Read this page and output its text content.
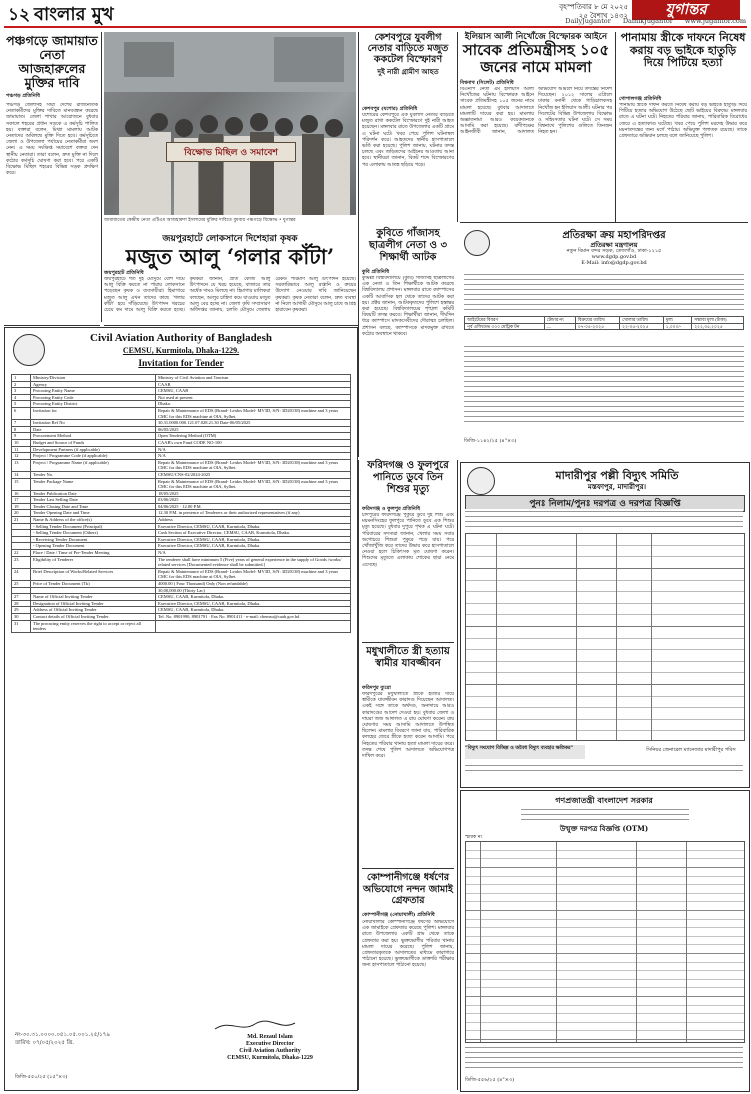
১২ বাংলার মুখ	বৃহস্পতিবার ৮ মে ২০২৫
২৫ বৈশাখ ১৪৩২	যুগান্তর
DailyJugantor DainikJugantor www.jugantor.com
পঞ্চগড়ে জামায়াত নেতা আজহারুলের মুক্তির দাবি
পঞ্চগড় প্রতিনিধি
পঞ্চগড় জেলাসহ সারা দেশের রাজনৈতিক নেতাকর্মীদের মুক্তির দাবিতে মানববন্ধন করেছে জামায়াত। জেলা শাখার আয়োজনে বুধবার সকালে শহরের প্রধান সড়কে এ কর্মসূচি পালিত হয়। বক্তারা বলেন, মিথ্যা মামলায় আটক নেতাদের অবিলম্বে মুক্তি দিতে হবে। কর্মসূচিতে জেলা ও উপজেলা পর্যায়ের নেতাকর্মীরা অংশ নেন। এ সময় সংক্ষিপ্ত সমাবেশে বক্তব্য দেন স্থানীয় নেতারা। তারা বলেন, দ্রুত মুক্তি না দিলে কঠোর কর্মসূচি ঘোষণা করা হবে। পরে একটি বিক্ষোভ মিছিল শহরের বিভিন্ন সড়ক প্রদক্ষিণ করে।
বিক্ষোভ মিছিল ও সমাবেশ
জামায়াতের কেন্দ্রীয় নেতা এটিএম আজহারুল ইসলামের মুক্তির দাবিতে বুধবার পঞ্চগড়ে বিক্ষোভ • যুগান্তর
জয়পুরহাটে লোকসানে দিশেহারা কৃষক
মজুত আলু ‘গলার কাঁটা’
জয়পুরহাট প্রতিনিধি
জয়পুরহাটে গত দুই মৌসুমে বেশি দামে আলু বিক্রি করতে না পারায় লোকসানে পড়েছেন কৃষক ও ব্যবসায়ীরা। হিমাগারে মজুত আলু এখন তাদের কাছে ‘গলার কাঁটা’ হয়ে দাঁড়িয়েছে। উৎপাদন খরচের চেয়ে কম দামে আলু বিক্রি করতে হচ্ছে। কৃষকরা জানান, প্রতি কেজি আলু উৎপাদনে যে খরচ হয়েছে, বাজারে তার অর্ধেক দামও মিলছে না। হিমাগার মালিকরা বলছেন, আলুর চাহিদা কমে যাওয়ায় মজুত আলু বের হচ্ছে না। জেলা কৃষি সম্প্রসারণ অধিদপ্তর জানায়, চলতি মৌসুমে জেলায় রেকর্ড পরিমাণ আলু উৎপাদন হয়েছে। সরকারিভাবে আলু রপ্তানি ও ক্রয়ের উদ্যোগ নেওয়ার দাবি জানিয়েছেন কৃষকরা। কৃষক নেতারা বলেন, দ্রুত ব্যবস্থা না নিলে আগামী মৌসুমে আলু চাষে আগ্রহ হারাবেন কৃষকরা।
কেশবপুরে যুবলীগ নেতার বাড়িতে মজুত ককটেল বিস্ফোরণ
দুই নারী গ্রামীণ আহত
কেশবপুর (যশোর) প্রতিনিধি
যশোরের কেশবপুরে এক যুবলীগ নেতার বাড়িতে মজুত রাখা ককটেল বিস্ফোরণে দুই নারী আহত হয়েছেন। মঙ্গলবার রাতে উপজেলার একটি গ্রামে এ ঘটনা ঘটে। খবর পেয়ে পুলিশ ঘটনাস্থল পরিদর্শন করে। আহতদের স্থানীয় হাসপাতালে ভর্তি করা হয়েছে। পুলিশ জানায়, ঘটনার তদন্ত চলছে এবং জড়িতদের আইনের আওতায় আনা হবে। স্থানীয়রা জানান, বিকট শব্দে বিস্ফোরণের পর এলাকায় আতঙ্ক ছড়িয়ে পড়ে।
ইলিয়াস আলী নিখোঁজে বিস্ফোরক আইনে
সাবেক প্রতিমন্ত্রীসহ ১০৫ জনের নামে মামলা
বিশ্বনাথ (সিলেট) প্রতিনিধি
বিএনপি নেতা এম ইলিয়াস আলী নিখোঁজের ঘটনায় বিস্ফোরক আইনে সাবেক প্রতিমন্ত্রীসহ ১০৫ জনের নামে মামলা হয়েছে। বুধবার আদালতে মামলাটি দায়ের করা হয়। মামলায় অজ্ঞাতনামা আরও কয়েকজনকে আসামি করা হয়েছে। বাদীপক্ষের আইনজীবী জানান, আদালত অভিযোগ আমলে নিয়ে তদন্তের নির্দেশ দিয়েছেন। ২০১২ সালের এপ্রিলে ঢাকার বনানী থেকে গাড়িচালকসহ নিখোঁজ হন ইলিয়াস আলী। ঘটনার পর সিলেটের বিভিন্ন উপজেলায় বিক্ষোভ ও সহিংসতার ঘটনা ঘটে। সে সময় বিশ্বনাথে পুলিশের গুলিতে তিনজন নিহত হন।
পানামায় স্ত্রীকে দাফনে নিষেধ করায় বড় ভাইকে হাতুড়ি দিয়ে পিটিয়ে হত্যা
গোপালগঞ্জ প্রতিনিধি
পানামায় স্ত্রীকে দাফন করতে নিষেধ করায় বড় ভাইকে হাতুড়ি দিয়ে পিটিয়ে হত্যার অভিযোগ উঠেছে ছোট ভাইয়ের বিরুদ্ধে। মঙ্গলবার রাতে এ ঘটনা ঘটে। নিহতের পরিবার জানায়, পারিবারিক বিরোধের জেরে এ হত্যাকাণ্ড ঘটেছে। খবর পেয়ে পুলিশ মরদেহ উদ্ধার করে ময়নাতদন্তের জন্য মর্গে পাঠায়। অভিযুক্ত পলাতক রয়েছে। তাকে গ্রেফতারে অভিযান চলছে বলে জানিয়েছে পুলিশ।
কুবিতে গাঁজাসহ ছাত্রলীগ নেতা ও ৩ শিক্ষার্থী আটক
কুবি প্রতিনিধি
কুমিল্লা বিশ্ববিদ্যালয়ে (কুবি) গাঁজাসহ ছাত্রলীগের এক নেতা ও তিন শিক্ষার্থীকে আটক করেছে বিশ্ববিদ্যালয় প্রশাসন। মঙ্গলবার রাতে ক্যাম্পাসের একটি আবাসিক হল থেকে তাদের আটক করা হয়। প্রক্টর জানান, আটককৃতদের পুলিশে হস্তান্তর করা হয়েছে। বিশ্ববিদ্যালয়ের শৃঙ্খলা কমিটি বিষয়টি তদন্ত করবে। শিক্ষার্থীরা জানান, দীর্ঘদিন ধরে ক্যাম্পাসে মাদকসেবীদের দৌরাত্ম্য চলছিল। প্রশাসন বলছে, ক্যাম্পাসকে মাদকমুক্ত রাখতে কঠোর অবস্থানে থাকবে।
প্রতিরক্ষা ক্রয় মহাপরিদপ্তর
প্রতিরক্ষা মন্ত্রণালয়
নতুন বিমান বন্দর সড়ক, তেজগাঁও, ঢাকা-১২১৫
www.dgdp.gov.bd
E-Mail: info@dgdp.gov.bd
আইটেমের বিবরণ	টেন্ডার নং	বিক্রয়ের তারিখ	খোলার তারিখ	মূল্য	সম্ভাব্য মূল্য (টাকা)
পূর্ব এফিডেভ ৩০০ মেট্রিক টন	—	০৭-০৫-২০২৫	২২-০৫-২০২৫	১,০০০/-	২২২,৩৫,২০২৫
ডিজি-১১৪২/২৫ (৪"×৩)
Civil Aviation Authority of Bangladesh
CEMSU, Kurmitola, Dhaka-1229.
Invitation for Tender
1	Ministry/Division	Ministry of Civil Aviation and Tourism
2	Agency	CAAB
3	Procuring Entity Name	CEMSU, CAAB
4	Procuring Entity Code	Not used at present
5	Procuring Entity District	Dhaka.
6	Invitation for	Repair & Maintenance of EDS (Brand- Leidos Model- MV3D, S/N: 3D20138) machine and 3 years CMC for this EDS machine at OIA, Sylhet.
7	Invitation Ref No	30.31.0000.000.121.07.028.21.30 Date-06/05/2025
8	Date	06/05/2025
9	Procurement Method	Open Tendering Method (OTM)
10	Budget and Source of Funds	CAAB's own Fund CODE NO-100
11	Development Partners (if applicable)	N/A
12	Project / Programme Code (if applicable)	N/A
13	Project / Programme Name (if applicable)	Repair & Maintenance of EDS (Brand- Leidos Model- MV3D, S/N: 3D20138) machine and 3 years CMC for this EDS machine at OIA, Sylhet.
14	Tender No.	CEMSU/CNS-02/2024-2025
15	Tender Package Name	Repair & Maintenance of EDS (Brand- Leidos Model- MV3D, S/N: 3D20138) machine and 3 years CMC for this EDS machine at OIA, Sylhet.
16	Tender Publication Date	18/05/2025
17	Tender Last Selling Date	03/06/2025
19	Tender Closing Date and Time	04/06/2025 · 12.00 P.M.
20	Tender Opening Date and Time	12.30 P.M. in presence of Tenderers or their authorized representatives (if any)
21	Name & Address of the office(s)	Address
	- Selling Tender Document (Principal)	Executive Director, CEMSU, CAAB, Kurmitola, Dhaka.
	- Selling Tender Document (Others)	Cash Section of Executive Director, CEMSU, CAAB, Kurmitola, Dhaka.
	- Receiving Tender Document	Executive Director, CEMSU, CAAB, Kurmitola, Dhaka.
	- Opening Tender Document	Executive Director, CEMSU, CAAB, Kurmitola, Dhaka.
22	Place / Date / Time of Pre-Tender Meeting	N/A
23	Eligibility of Tenderer	The tenderer shall have minimum 5 (Five) years of general experience in the supply of Goods /works/ related services [Documented evidence shall be submitted.]
24	Brief Description of Works/Related Services	Repair & Maintenance of EDS (Brand- Leidos Model- MV3D, S/N: 3D20138) machine and 3 years CMC for this EDS machine at OIA, Sylhet.
25	Price of Tender Document (Tk)	4000.00 ( Four Thousand) Only (Non refundable)
		30,00,000.00 (Thirty Lac)
27	Name of Official Inviting Tender	CEMSU, CAAB, Kurmitola, Dhaka.
28	Designation of Official Inviting Tender	Executive Director, CEMSU, CAAB, Kurmitola, Dhaka.
29	Address of Official Inviting Tender	CEMSU, CAAB, Kurmitola, Dhaka.
30	Contact details of Official Inviting Tender	Tel. No. 8901990, 8901791 · Fax No. 8901411 · e-mail: cbemsu@caab.gov.bd
31	The procuring entity reserves the right to accept or reject all tenders	
নং-৩০.৩১.০০০০.০৫১.০৫.০০১.২৫/১৭৯
তারিখ: ০৭/০৫/২০২৫ খ্রি.
Md. Rezaul Islam
Executive Director
Civil Aviation Authority
CEMSU, Kurmitola, Dhaka-1229
ডিজি-৫৫০/২৫ (১৫"×৩)
ফরিদগঞ্জ ও ফুলপুরে পানিতে ডুবে তিন শিশুর মৃত্যু
ফরিদগঞ্জ ও ফুলপুর প্রতিনিধি
চাঁদপুরের ফরিদগঞ্জে পুকুরে ডুবে দুই শিশু এবং ময়মনসিংহের ফুলপুরে পানিতে ডুবে এক শিশুর মৃত্যু হয়েছে। বুধবার দুপুরে পৃথক এ ঘটনা ঘটে। পরিবারের সদস্যরা জানান, খেলার সময় সবার অগোচরে শিশুরা পুকুরে পড়ে যায়। পরে খোঁজাখুঁজি করে তাদের উদ্ধার করে হাসপাতালে নেওয়া হলে চিকিৎসক মৃত ঘোষণা করেন। শিশুদের মৃত্যুতে এলাকায় শোকের ছায়া নেমে এসেছে।
মধুখালীতে স্ত্রী হত্যায় স্বামীর যাবজ্জীবন
ফরিদপুর ব্যুরো
ফরিদপুরের মধুখালীতে স্ত্রীকে হত্যার দায়ে স্বামীকে যাবজ্জীবন কারাদণ্ড দিয়েছেন আদালত। একই সঙ্গে তাকে অর্থদণ্ড, অনাদায়ে আরও কারাদণ্ডের আদেশ দেওয়া হয়। বুধবার জেলা ও দায়রা জজ আদালত এ রায় ঘোষণা করেন। রায় ঘোষণার সময় আসামি আদালতে উপস্থিত ছিলেন। মামলার বিবরণে জানা যায়, পারিবারিক কলহের জেরে স্ত্রীকে হত্যা করেন আসামি। পরে নিহতের পরিবার থানায় হত্যা মামলা দায়ের করে। তদন্ত শেষে পুলিশ আদালতে অভিযোগপত্র দাখিল করে।
কোম্পানীগঞ্জে ধর্ষণের অভিযোগে নন্দন জামাই গ্রেফতার
কোম্পানীগঞ্জ (নোয়াখালী) প্রতিনিধি
নোয়াখালীর কোম্পানীগঞ্জে ধর্ষণের অভিযোগে এক জামাইকে গ্রেফতার করেছে পুলিশ। মঙ্গলবার রাতে উপজেলার একটি গ্রাম থেকে তাকে গ্রেফতার করা হয়। ভুক্তভোগীর পরিবার থানায় মামলা দায়ের করেছে। পুলিশ জানায়, গ্রেফতারকৃতকে আদালতের মাধ্যমে কারাগারে পাঠানো হয়েছে। ভুক্তভোগীকে ডাক্তারি পরীক্ষার জন্য হাসপাতালে পাঠানো হয়েছে।
মাদারীপুর পল্লী বিদ্যুৎ সমিতি
মস্তফাপুর, মাদারীপুর।
পুনঃ নিলাম/পুনঃ দরপত্র ও দরপত্র বিজ্ঞপ্তি
"বিদ্যুৎ সংযোগ বিচ্ছিন্ন ও অবৈধ বিদ্যুৎ ব্যবহার ক্ষতিকর"	সিনিয়র জেনারেল ম্যানেজার মাদারীপুর পবিস
গণপ্রজাতন্ত্রী বাংলাদেশ সরকার
উন্মুক্ত দরপত্র বিজ্ঞপ্তি (OTM)
স্মারক নং
ডিজি-৫৫৬/২৫ (৪"×৩)
